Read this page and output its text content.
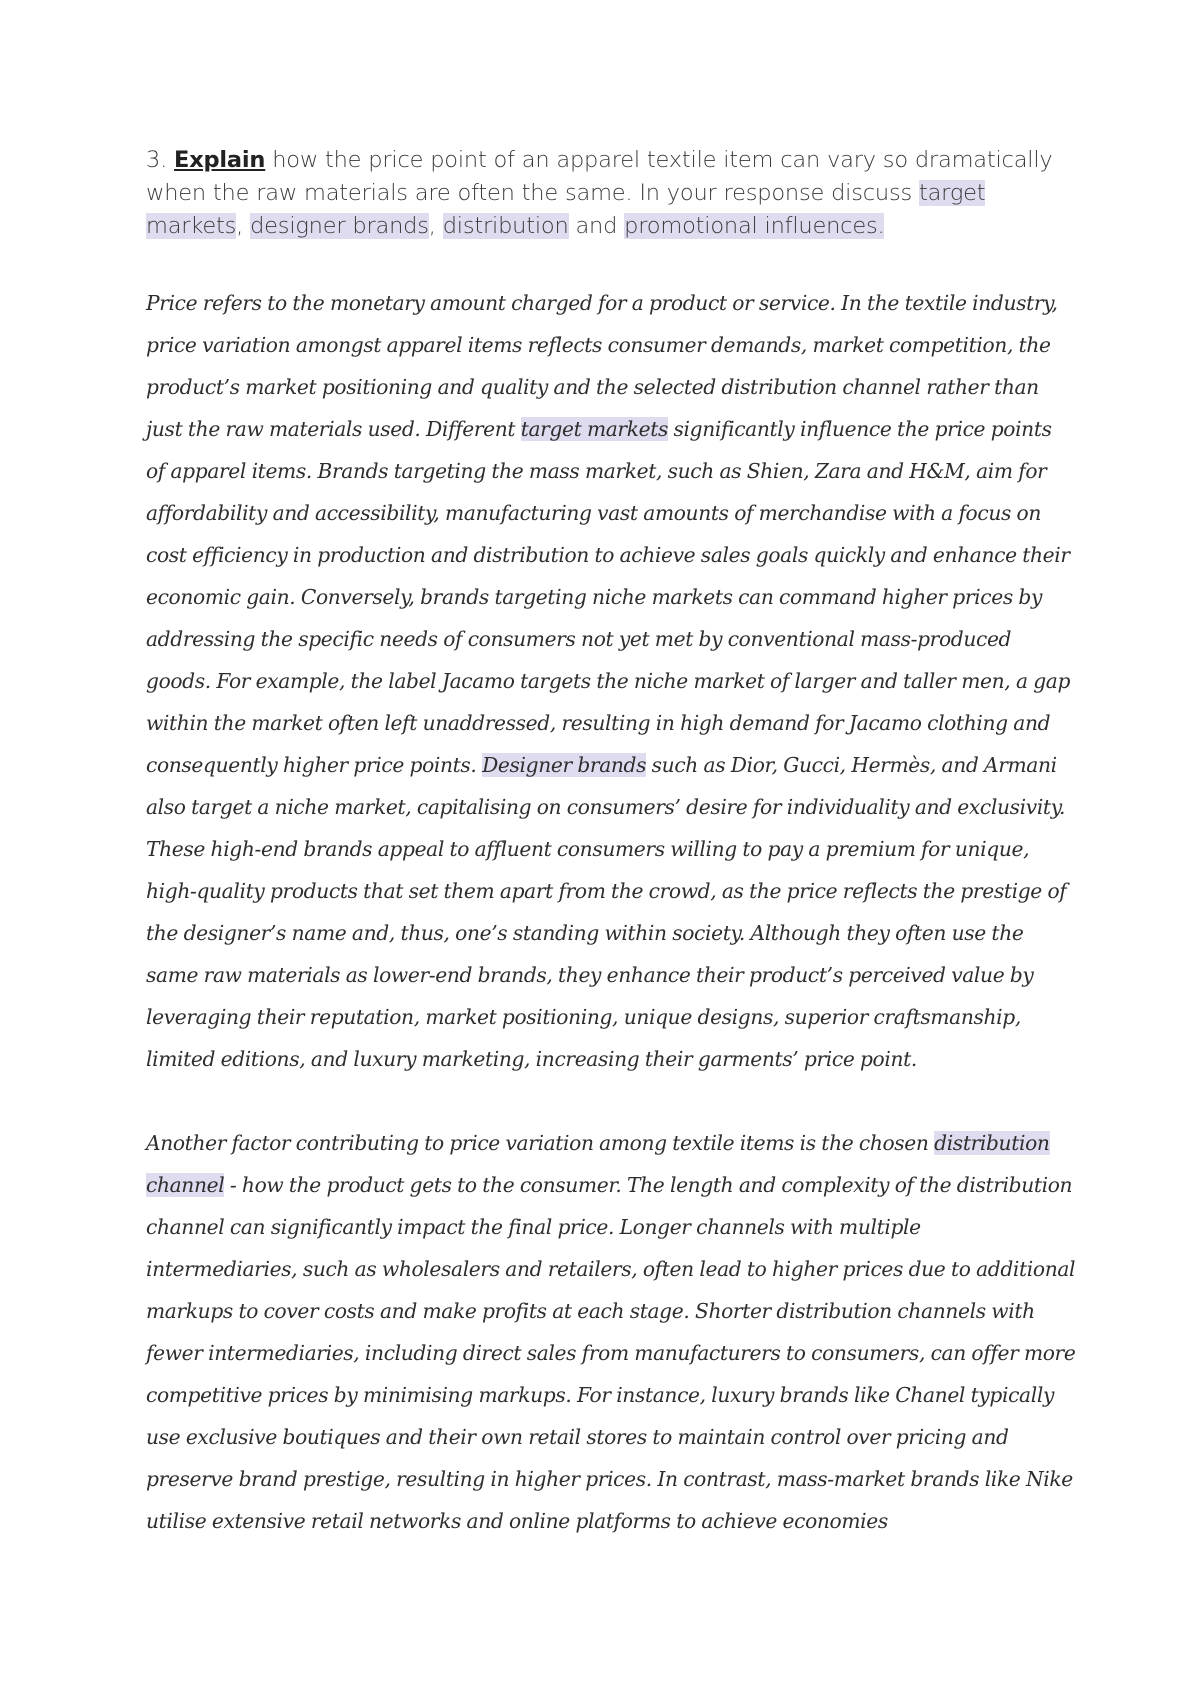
3. Explain how the price point of an apparel textile item can vary so dramatically when the raw materials are often the same. In your response discuss target markets, designer brands, distribution and promotional influences.
Price refers to the monetary amount charged for a product or service. In the textile industry, price variation amongst apparel items reflects consumer demands, market competition, the product’s market positioning and quality and the selected distribution channel rather than just the raw materials used. Different target markets significantly influence the price points of apparel items. Brands targeting the mass market, such as Shien, Zara and H&M, aim for affordability and accessibility, manufacturing vast amounts of merchandise with a focus on cost efficiency in production and distribution to achieve sales goals quickly and enhance their economic gain. Conversely, brands targeting niche markets can command higher prices by addressing the specific needs of consumers not yet met by conventional mass-produced goods. For example, the label Jacamo targets the niche market of larger and taller men, a gap within the market often left unaddressed, resulting in high demand for Jacamo clothing and consequently higher price points. Designer brands such as Dior, Gucci, Hermès, and Armani also target a niche market, capitalising on consumers’ desire for individuality and exclusivity. These high-end brands appeal to affluent consumers willing to pay a premium for unique, high-quality products that set them apart from the crowd, as the price reflects the prestige of the designer’s name and, thus, one’s standing within society. Although they often use the same raw materials as lower-end brands, they enhance their product’s perceived value by leveraging their reputation, market positioning, unique designs, superior craftsmanship, limited editions, and luxury marketing, increasing their garments’ price point.
Another factor contributing to price variation among textile items is the chosen distribution channel - how the product gets to the consumer. The length and complexity of the distribution channel can significantly impact the final price. Longer channels with multiple intermediaries, such as wholesalers and retailers, often lead to higher prices due to additional markups to cover costs and make profits at each stage. Shorter distribution channels with fewer intermediaries, including direct sales from manufacturers to consumers, can offer more competitive prices by minimising markups. For instance, luxury brands like Chanel typically use exclusive boutiques and their own retail stores to maintain control over pricing and preserve brand prestige, resulting in higher prices. In contrast, mass-market brands like Nike utilise extensive retail networks and online platforms to achieve economies
